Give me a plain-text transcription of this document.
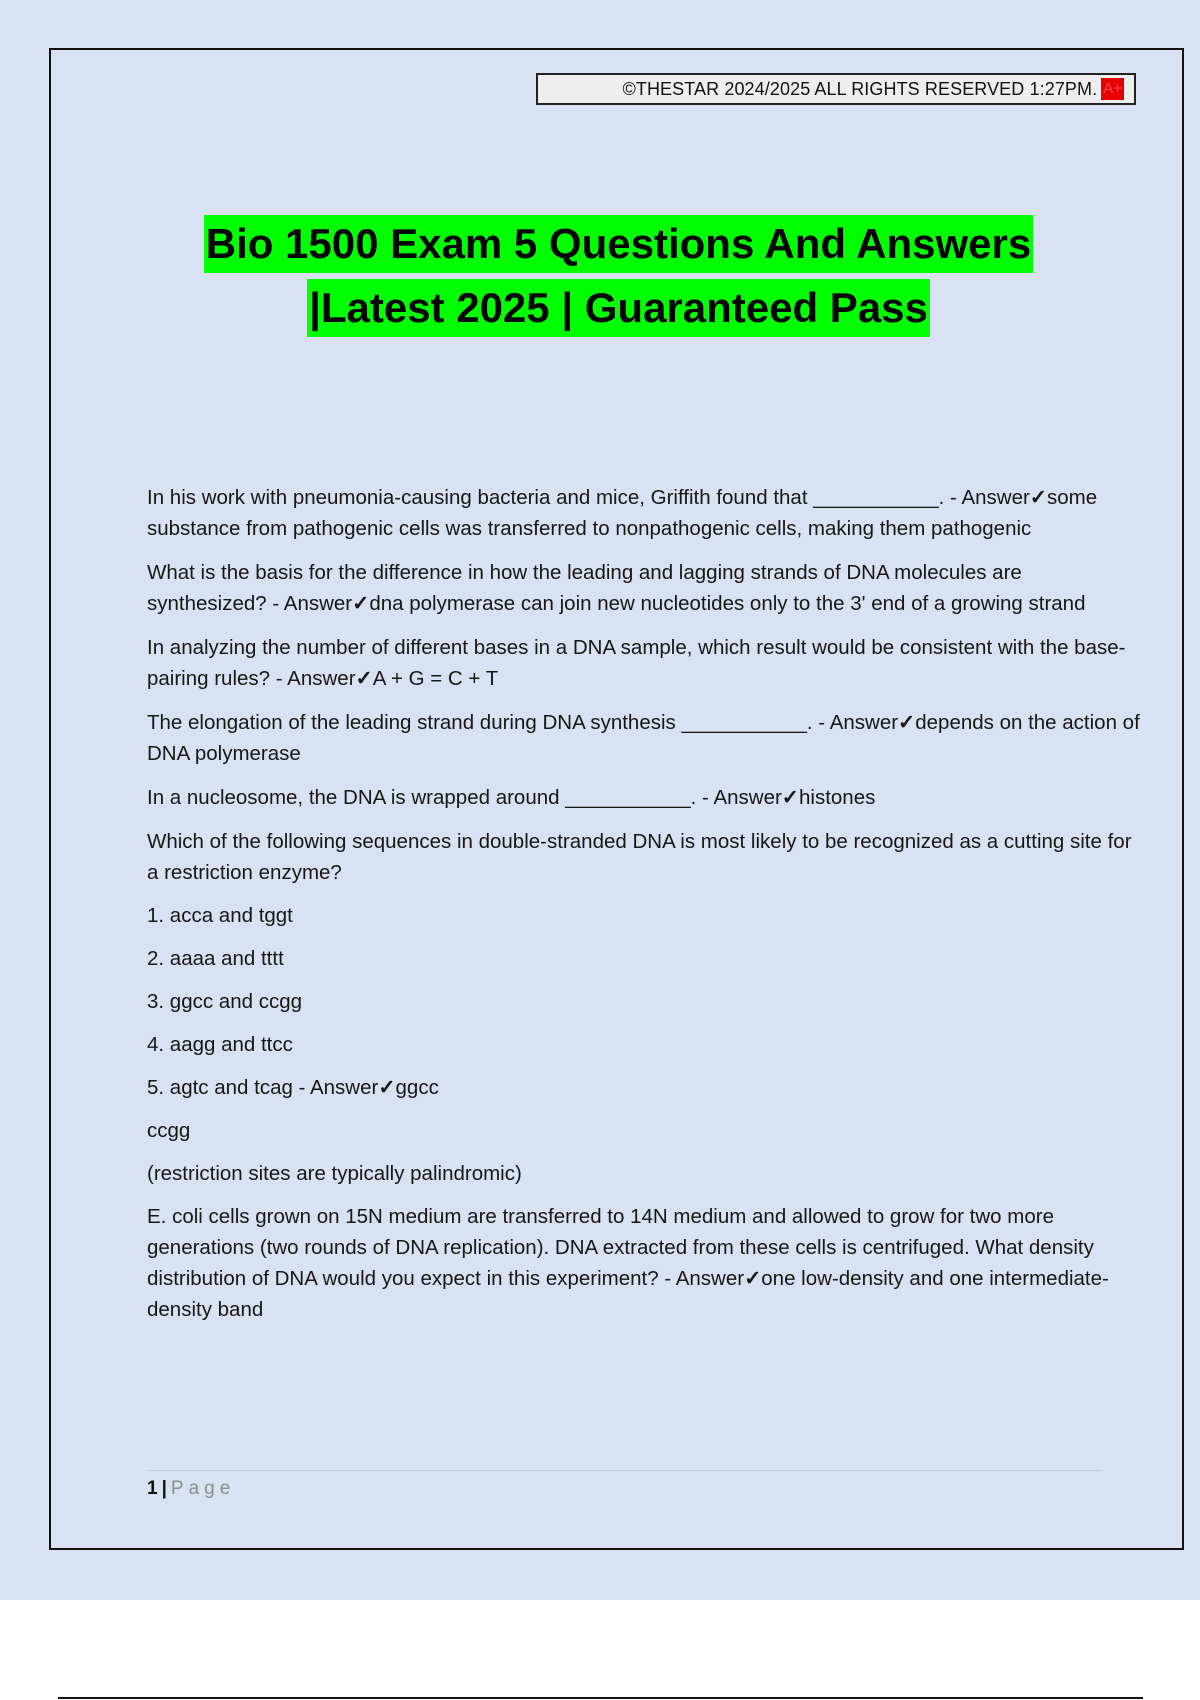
©THESTAR 2024/2025 ALL RIGHTS RESERVED 1:27PM. A+
Bio 1500 Exam 5 Questions And Answers
|Latest 2025 | Guaranteed Pass

In his work with pneumonia-causing bacteria and mice, Griffith found that ___________. - Answer✓some substance from pathogenic cells was transferred to nonpathogenic cells, making them pathogenic

What is the basis for the difference in how the leading and lagging strands of DNA molecules are synthesized? - Answer✓dna polymerase can join new nucleotides only to the 3' end of a growing strand

In analyzing the number of different bases in a DNA sample, which result would be consistent with the base-pairing rules? - Answer✓A + G = C + T

The elongation of the leading strand during DNA synthesis ___________. - Answer✓depends on the action of DNA polymerase

In a nucleosome, the DNA is wrapped around ___________. - Answer✓histones

Which of the following sequences in double-stranded DNA is most likely to be recognized as a cutting site for a restriction enzyme?

1. acca and tggt

2. aaaa and tttt

3. ggcc and ccgg

4. aagg and ttcc

5. agtc and tcag - Answer✓ggcc

ccgg

(restriction sites are typically palindromic)

E. coli cells grown on 15N medium are transferred to 14N medium and allowed to grow for two more generations (two rounds of DNA replication). DNA extracted from these cells is centrifuged. What density distribution of DNA would you expect in this experiment? - Answer✓one low-density and one intermediate-density band

1 | Page
